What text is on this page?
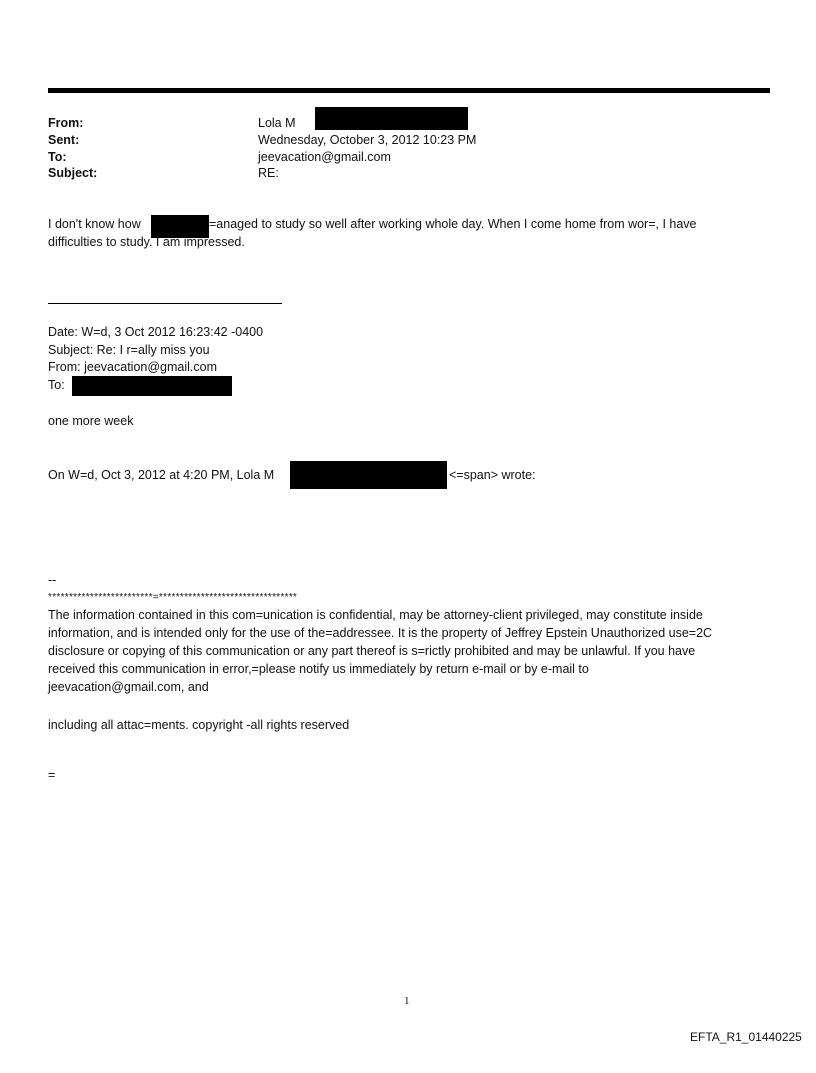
From:	Lola M
Sent:	Wednesday, October 3, 2012 10:23 PM
To:	jeevacation@gmail.com
Subject:	RE:
I don't know how	=anaged to study so well after working whole day. When I come home from wor=, I have
difficulties to study. I am impressed.
Date: W=d, 3 Oct 2012 16:23:42 -0400
Subject: Re: I r=ally miss you
From: jeevacation@gmail.com
To:
one more week
On W=d, Oct 3, 2012 at 4:20 PM, Lola M	<=span> wrote:
--
*************************=*********************************
The information contained in this com=unication is confidential, may be attorney-client privileged, may constitute inside
information, and is intended only for the use of the=addressee. It is the property of Jeffrey Epstein Unauthorized use=2C
disclosure or copying of this communication or any part thereof is s=rictly prohibited and may be unlawful. If you have
received this communication in error,=please notify us immediately by return e-mail or by e-mail to
jeevacation@gmail.com, and
including all attac=ments. copyright -all rights reserved
=
1
EFTA_R1_01440225
